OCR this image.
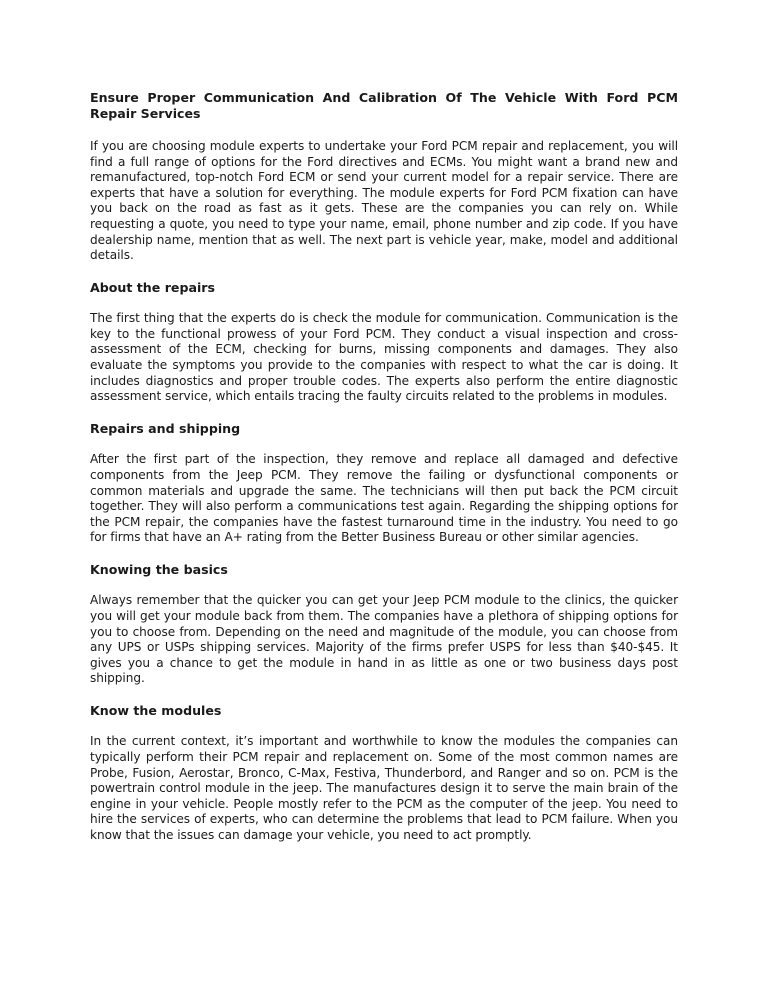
Ensure Proper Communication And Calibration Of The Vehicle With Ford PCM Repair Services

If you are choosing module experts to undertake your Ford PCM repair and replacement, you will find a full range of options for the Ford directives and ECMs. You might want a brand new and remanufactured, top-notch Ford ECM or send your current model for a repair service. There are experts that have a solution for everything. The module experts for Ford PCM fixation can have you back on the road as fast as it gets. These are the companies you can rely on. While requesting a quote, you need to type your name, email, phone number and zip code. If you have dealership name, mention that as well. The next part is vehicle year, make, model and additional details.

About the repairs

The first thing that the experts do is check the module for communication. Communication is the key to the functional prowess of your Ford PCM. They conduct a visual inspection and cross-assessment of the ECM, checking for burns, missing components and damages. They also evaluate the symptoms you provide to the companies with respect to what the car is doing. It includes diagnostics and proper trouble codes. The experts also perform the entire diagnostic assessment service, which entails tracing the faulty circuits related to the problems in modules.

Repairs and shipping

After the first part of the inspection, they remove and replace all damaged and defective components from the Jeep PCM. They remove the failing or dysfunctional components or common materials and upgrade the same. The technicians will then put back the PCM circuit together. They will also perform a communications test again. Regarding the shipping options for the PCM repair, the companies have the fastest turnaround time in the industry. You need to go for firms that have an A+ rating from the Better Business Bureau or other similar agencies.

Knowing the basics

Always remember that the quicker you can get your Jeep PCM module to the clinics, the quicker you will get your module back from them. The companies have a plethora of shipping options for you to choose from. Depending on the need and magnitude of the module, you can choose from any UPS or USPs shipping services. Majority of the firms prefer USPS for less than $40-$45. It gives you a chance to get the module in hand in as little as one or two business days post shipping.

Know the modules

In the current context, it’s important and worthwhile to know the modules the companies can typically perform their PCM repair and replacement on. Some of the most common names are Probe, Fusion, Aerostar, Bronco, C-Max, Festiva, Thunderbord, and Ranger and so on. PCM is the powertrain control module in the jeep. The manufactures design it to serve the main brain of the engine in your vehicle. People mostly refer to the PCM as the computer of the jeep. You need to hire the services of experts, who can determine the problems that lead to PCM failure. When you know that the issues can damage your vehicle, you need to act promptly.
